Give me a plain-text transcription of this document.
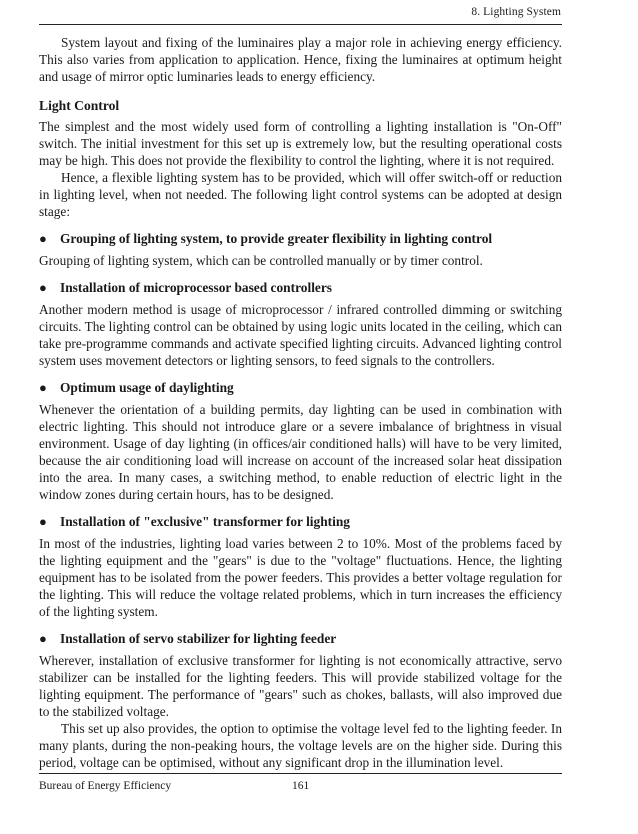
8. Lighting System

System layout and fixing of the luminaires play a major role in achieving energy efficiency. This also varies from application to application. Hence, fixing the luminaires at optimum height and usage of mirror optic luminaries leads to energy efficiency.

Light Control

The simplest and the most widely used form of controlling a lighting installation is "On-Off" switch. The initial investment for this set up is extremely low, but the resulting operational costs may be high. This does not provide the flexibility to control the lighting, where it is not required.

Hence, a flexible lighting system has to be provided, which will offer switch-off or reduction in lighting level, when not needed. The following light control systems can be adopted at design stage:

● Grouping of lighting system, to provide greater flexibility in lighting control

Grouping of lighting system, which can be controlled manually or by timer control.

● Installation of microprocessor based controllers

Another modern method is usage of microprocessor / infrared controlled dimming or switching circuits. The lighting control can be obtained by using logic units located in the ceiling, which can take pre-programme commands and activate specified lighting circuits. Advanced lighting control system uses movement detectors or lighting sensors, to feed signals to the controllers.

● Optimum usage of daylighting

Whenever the orientation of a building permits, day lighting can be used in combination with electric lighting. This should not introduce glare or a severe imbalance of brightness in visual environment. Usage of day lighting (in offices/air conditioned halls) will have to be very limited, because the air conditioning load will increase on account of the increased solar heat dissipation into the area. In many cases, a switching method, to enable reduction of electric light in the window zones during certain hours, has to be designed.

● Installation of "exclusive" transformer for lighting

In most of the industries, lighting load varies between 2 to 10%. Most of the problems faced by the lighting equipment and the "gears" is due to the "voltage" fluctuations. Hence, the lighting equipment has to be isolated from the power feeders. This provides a better voltage regulation for the lighting. This will reduce the voltage related problems, which in turn increases the efficiency of the lighting system.

● Installation of servo stabilizer for lighting feeder

Wherever, installation of exclusive transformer for lighting is not economically attractive, servo stabilizer can be installed for the lighting feeders. This will provide stabilized voltage for the lighting equipment. The performance of "gears" such as chokes, ballasts, will also improved due to the stabilized voltage.

This set up also provides, the option to optimise the voltage level fed to the lighting feeder. In many plants, during the non-peaking hours, the voltage levels are on the higher side. During this period, voltage can be optimised, without any significant drop in the illumination level.

Bureau of Energy Efficiency	161
